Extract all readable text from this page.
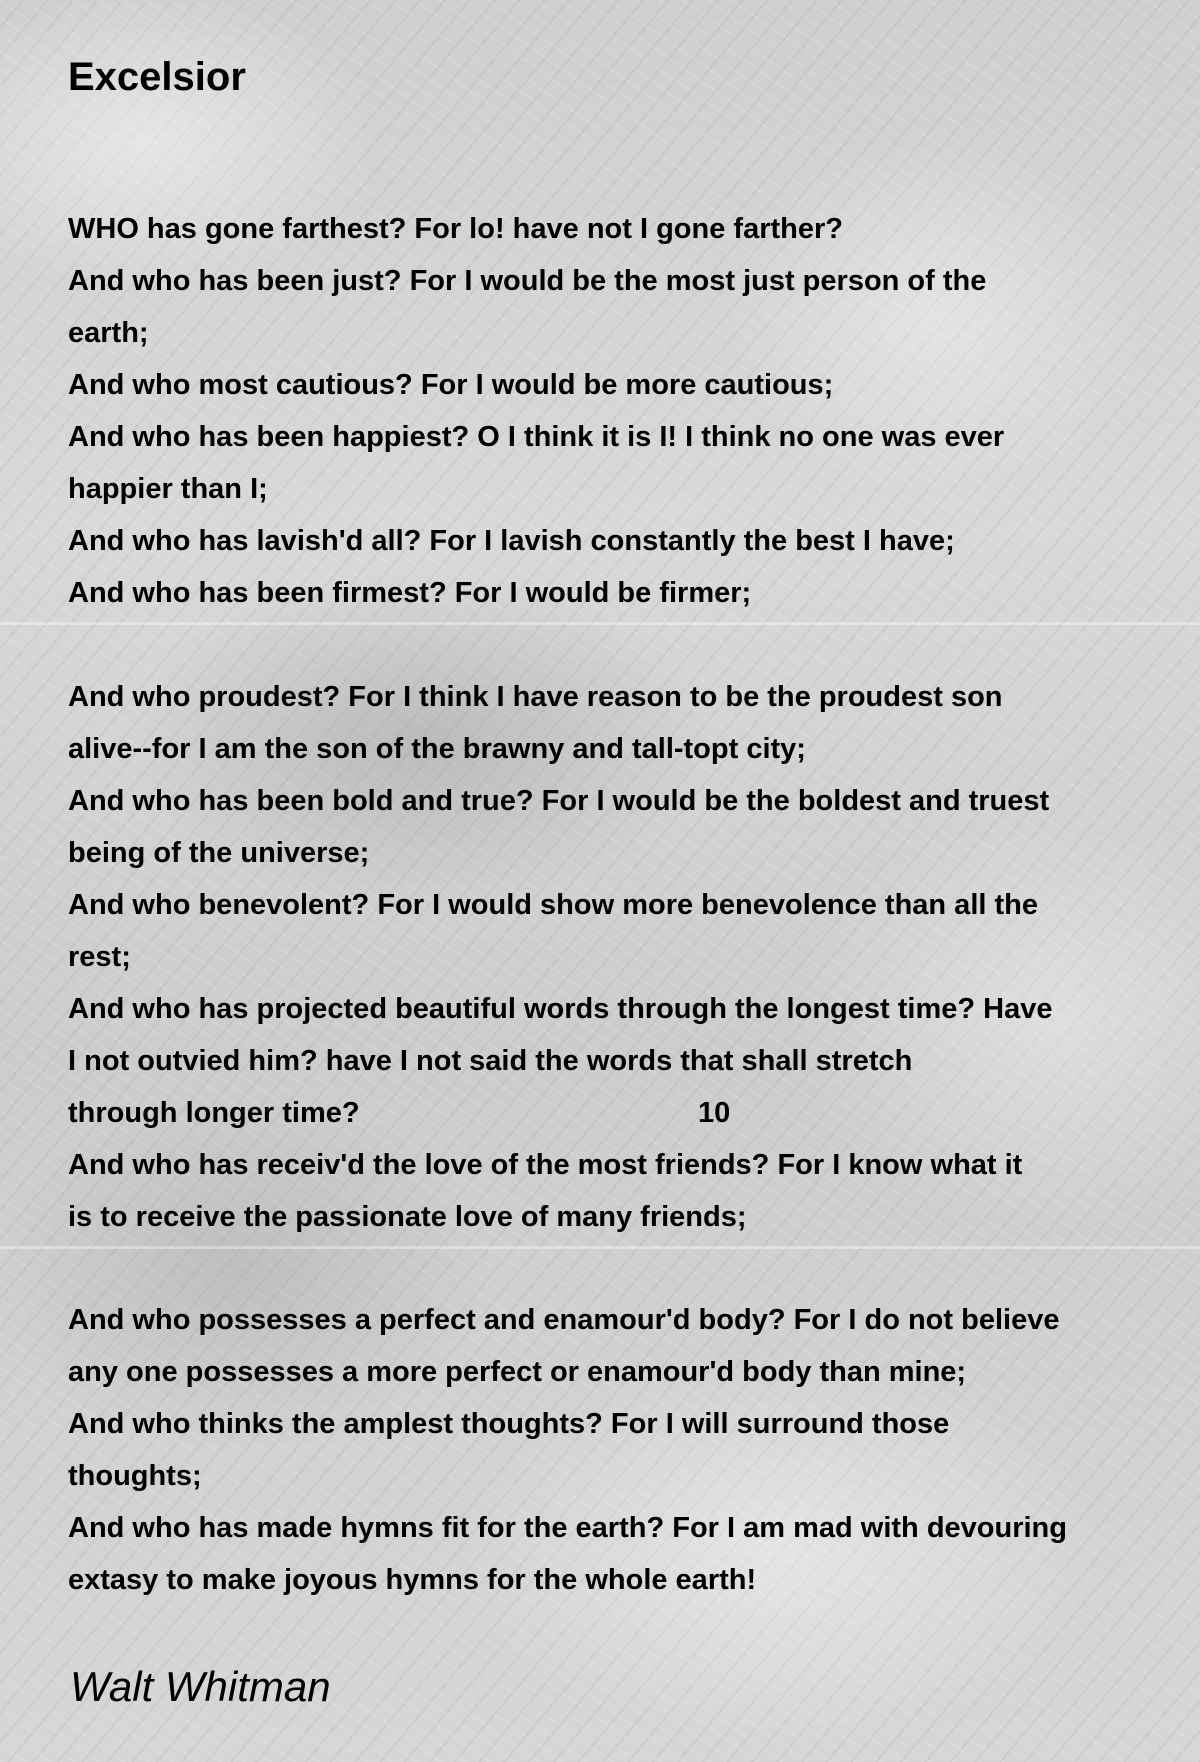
Excelsior
WHO has gone farthest? For lo! have not I gone farther?
And who has been just? For I would be the most just person of the
earth;
And who most cautious? For I would be more cautious;
And who has been happiest? O I think it is I! I think no one was ever
happier than I;
And who has lavish'd all? For I lavish constantly the best I have;
And who has been firmest? For I would be firmer;
And who proudest? For I think I have reason to be the proudest son
alive--for I am the son of the brawny and tall-topt city;
And who has been bold and true? For I would be the boldest and truest
being of the universe;
And who benevolent? For I would show more benevolence than all the
rest;
And who has projected beautiful words through the longest time? Have
I not outvied him? have I not said the words that shall stretch
through longer time?                                          10
And who has receiv'd the love of the most friends? For I know what it
is to receive the passionate love of many friends;
And who possesses a perfect and enamour'd body? For I do not believe
any one possesses a more perfect or enamour'd body than mine;
And who thinks the amplest thoughts? For I will surround those
thoughts;
And who has made hymns fit for the earth? For I am mad with devouring
extasy to make joyous hymns for the whole earth!

Walt Whitman
